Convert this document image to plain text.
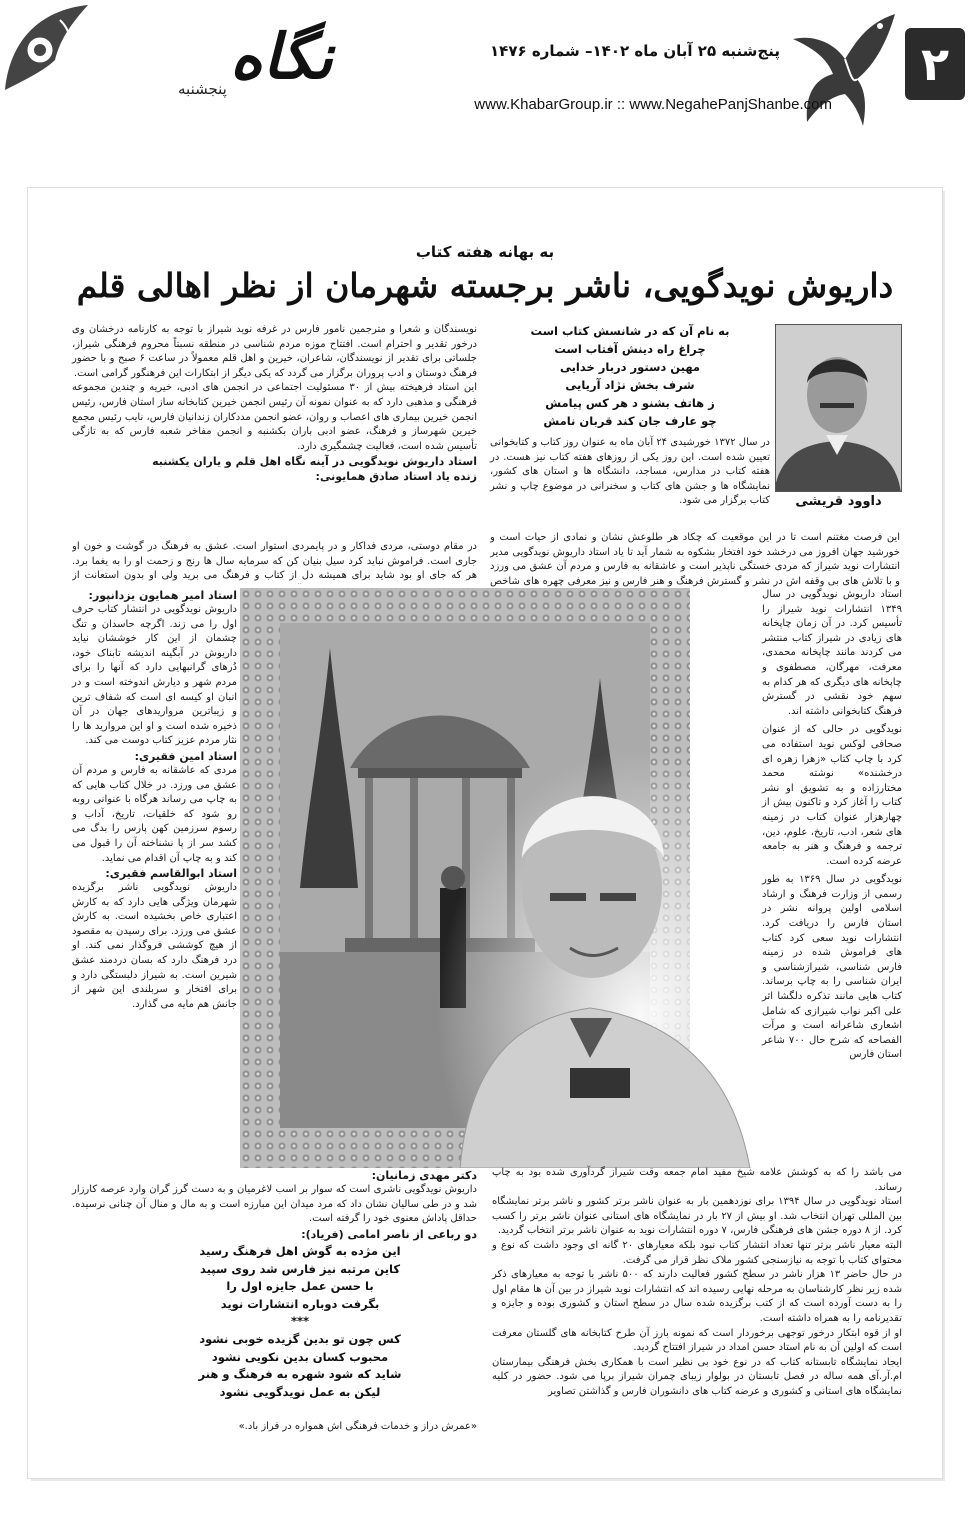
۲
نگاه
پنجشنبه
پنج‌شنبه ۲۵ آبان ماه ۱۴۰۲– شماره ۱۴۷۶
www.KhabarGroup.ir :: www.NegahePanjShanbe.com
به بهانه هفته کتاب
داریوش نویدگویی، ناشر برجسته شهرمان از نظر اهالی قلم
داوود قریشی
به نام آن که در شانسش کتاب است
چراغ راه دینش آفتاب است
مهین دستور دربار خدایی
شرف بخش نژاد آریایی
ز هاتف بشنو د هر کس پیامش
چو عارف جان کند قربان نامش

در سال ۱۳۷۲ خورشیدی ۲۴ آبان ماه به عنوان روز کتاب و کتابخوانی تعیین شده است. این روز یکی از روزهای هفته کتاب نیز هست. در هفته کتاب در مدارس، مساجد، دانشگاه ها و استان های کشور، نمایشگاه ها و جشن های کتاب و سخنرانی در موضوع چاپ و نشر کتاب برگزار می شود.

این فرصت مغتنم است تا در این موقعیت که چکاد هر طلوعش نشان و نمادی از حیات است و خورشید جهان افروز می درخشد خود افتخار بشکوه به شمار آید تا یاد استاد داریوش نویدگویی مدیر انتشارات نوید شیراز که مردی خستگی ناپذیر است و عاشقانه به فارس و مردم آن عشق می ورزد و با تلاش های بی وقفه اش در نشر و گسترش فرهنگ و هنر فارس و نیز معرفی چهره های شاخص

استاد داریوش نویدگویی در سال ۱۳۴۹ انتشارات نوید شیراز را تأسیس کرد. در آن زمان چاپخانه های زیادی در شیراز کتاب منتشر می کردند مانند چاپخانه محمدی، معرفت، مهرگان، مصطفوی و چاپخانه های دیگری که هر کدام به سهم خود نقشی در گسترش فرهنگ کتابخوانی داشته اند.

نویدگویی در حالی که از عنوان صحافی لوکس نوید استفاده می کرد با چاپ کتاب «زهرا زهره ای درخشنده» نوشته محمد مختارزاده و به تشویق او نشر کتاب را آغاز کرد و تاکنون بیش از چهارهزار عنوان کتاب در زمینه های شعر، ادب، تاریخ، علوم، دین، ترجمه و فرهنگ و هنر به جامعه عرضه کرده است.

نویدگویی در سال ۱۳۶۹ به طور رسمی از وزارت فرهنگ و ارشاد اسلامی اولین پروانه نشر در استان فارس را دریافت کرد. انتشارات نوید سعی کرد کتاب های فراموش شده در زمینه فارس شناسی، شیرازشناسی و ایران شناسی را به چاپ برساند. کتاب هایی مانند تذکره دلگشا اثر علی اکبر نواب شیرازی که شامل اشعاری شاعرانه است و مرآت الفصاحه که شرح حال ۷۰۰ شاعر استان فارس

نویسندگان و شعرا و مترجمین نامور فارس در غرفه نوید شیراز با توجه به کارنامه درخشان وی درخور تقدیر و احترام است. افتتاح موزه مردم شناسی در منطقه نسبتاً محروم فرهنگی شیراز، جلساتی برای تقدیر از نویسندگان، شاعران، خیرین و اهل قلم معمولاً در ساعت ۶ صبح و با حضور فرهنگ دوستان و ادب پروران برگزار می گردد که یکی دیگر از ابتکارات این فرهنگور گرامی است.

این استاد فرهیخته بیش از ۳۰ مسئولیت اجتماعی در انجمن های ادبی، خیریه و چندین مجموعه فرهنگی و مذهبی دارد که به عنوان نمونه آن رئیس انجمن خیرین کتابخانه ساز استان فارس، رئیس انجمن خیرین بیماری های اعصاب و روان، عضو انجمن مددکاران زندانیان فارس، نایب رئیس مجمع خیرین شهرساز و فرهنگ، عضو ادبی باران بکشنبه و انجمن مفاخر شعبه فارس که به تازگی تأسیس شده است، فعالیت چشمگیری دارد.

استاد داریوش نویدگویی در آینه نگاه اهل قلم و یاران یکشنبه
زنده یاد استاد صادق همایونی:

در مقام دوستی، مردی فداکار و در پایمردی استوار است. عشق به فرهنگ در گوشت و خون او جاری است. فراموش نباید کرد سیل بنیان کن که سرمایه سال ها رنج و زحمت او را به یغما برد. هر که جای او بود شاید برای همیشه دل از کتاب و فرهنگ می برید ولی او بدون استعانت از

استاد امیر همایون یزدانپور:

داریوش نویدگویی در انتشار کتاب حرف اول را می زند. اگرچه حاسدان و تنگ چشمان از این کار خوششان نیاید داریوش در آبگینه اندیشه تابناک خود، دُرهای گرانبهایی دارد که آنها را برای مردم شهر و دیارش اندوخته است و در انبان او کیسه ای است که شفاف ترین و زیباترین مرواریدهای جهان در آن ذخیره شده است و او این مروارید ها را نثار مردم عزیز کتاب دوست می کند.

استاد امین فقیری:

مردی که عاشقانه به فارس و مردم آن عشق می ورزد. در خلال کتاب هایی که به چاپ می رساند هرگاه با عنوانی روبه رو شود که خلقیات، تاریخ، آداب و رسوم سرزمین کهن پارس را بدگ می کشد سر از پا نشناخته آن را قبول می کند و به چاپ آن اقدام می نماید.

استاد ابوالقاسم فقیری:

داریوش نویدگویی ناشر برگزیده شهرمان ویژگی هایی دارد که به کارش اعتباری خاص بخشیده است. به کارش عشق می ورزد. برای رسیدن به مقصود از هیچ کوششی فروگذار نمی کند. او درد فرهنگ دارد که بسان دردمند عشق شیرین است. به شیراز دلبستگی دارد و برای افتخار و سربلندی این شهر از جانش هم مایه می گذارد.

می باشد را که به کوشش علامه شیخ مفید امام جمعه وقت شیراز گردآوری شده بود به چاپ رساند.

استاد نویدگویی در سال ۱۳۹۴ برای نوزدهمین بار به عنوان ناشر برتر کشور و ناشر برتر نمایشگاه بین المللی تهران انتخاب شد. او بیش از ۲۷ بار در نمایشگاه های استانی عنوان ناشر برتر را کسب کرد. از ۸ دوره جشن های فرهنگی فارس، ۷ دوره انتشارات نوید به عنوان ناشر برتر انتخاب گردید.

البته معیار ناشر برتر تنها تعداد انتشار کتاب نبود بلکه معیارهای ۲۰ گانه ای وجود داشت که نوع و محتوای کتاب با توجه به نیازسنجی کشور ملاک نظر قرار می گرفت.

در حال حاضر ۱۳ هزار ناشر در سطح کشور فعالیت دارند که ۵۰۰ ناشر با توجه به معیارهای ذکر شده زیر نظر کارشناسان به مرحله نهایی رسیده اند که انتشارات نوید شیراز در بین آن ها مقام اول را به دست آورده است که از کتب برگزیده شده سال در سطح استان و کشوری بوده و جایزه و تقدیرنامه را به همراه داشته است.

او از قوه ابتکار درخور توجهی برخوردار است که نمونه بارز آن طرح کتابخانه های گلستان معرفت است که اولین آن به نام استاد حسن امداد در شیراز افتتاح گردید.

ایجاد نمایشگاه تابستانه کتاب که در نوع خود بی نظیر است با همکاری بخش فرهنگی بیمارستان ام.آر.آی همه ساله در فصل تابستان در بولوار زیبای چمران شیراز برپا می شود. حضور در کلیه نمایشگاه های استانی و کشوری و عرضه کتاب های دانشوران فارس و گذاشتن تصاویر

دکتر مهدی زمانیان:

داریوش نویدگویی ناشری است که سوار بر اسب لاغرمیان و به دست گرز گران وارد عرصه کارزار شد و در طی سالیان نشان داد که مرد میدان این مبارزه است و به مال و منال آن چنانی نرسیده. حداقل پاداش معنوی خود را گرفته است.

دو رباعی از ناصر امامی (فریاد):
این مژده به گوش اهل فرهنگ رسید
کاین مرتبه نیز فارس شد روی سپید
با حسن عمل جایزه اول را
بگرفت دوباره انتشارات نوید
***
کس چون تو بدین گزیده خوبی نشود
محبوب کسان بدین نکویی نشود
شاید که شود شهره به فرهنگ و هنر
لیکن به عمل نویدگویی نشود

«عمرش دراز و خدمات فرهنگی اش همواره در فراز باد.»
